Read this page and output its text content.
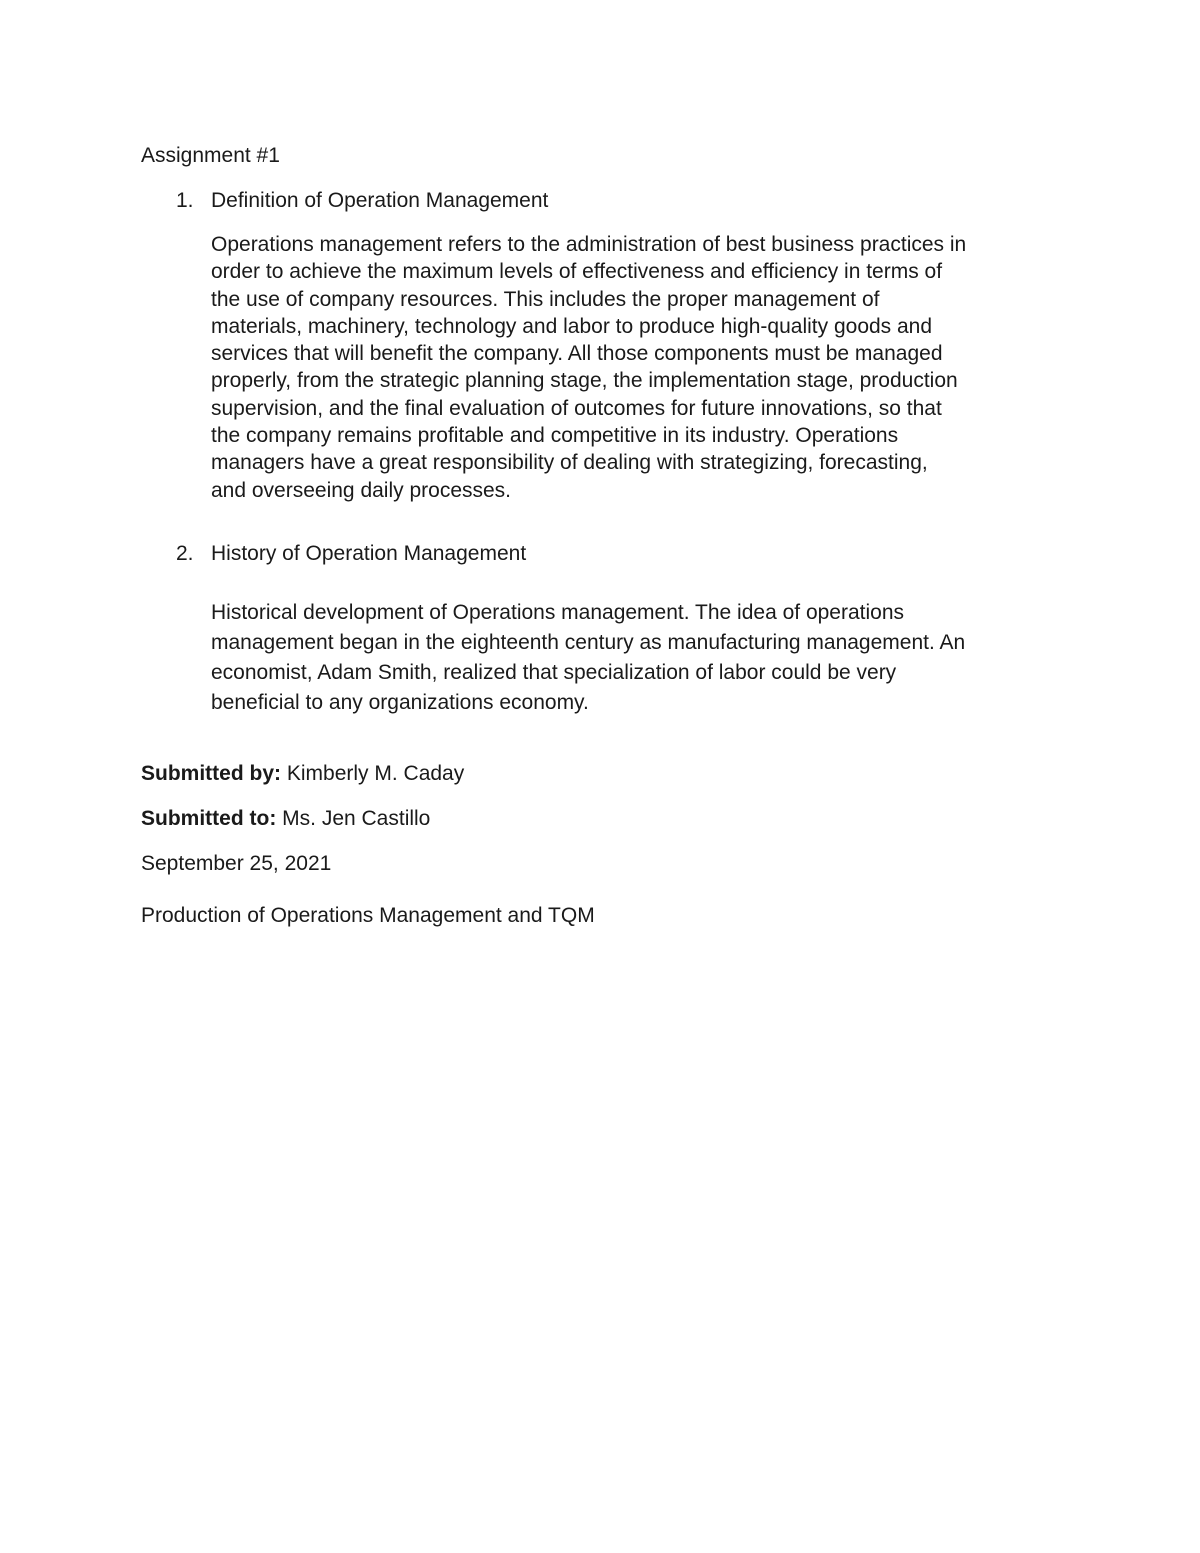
Assignment #1
1. Definition of Operation Management

Operations management refers to the administration of best business practices in
order to achieve the maximum levels of effectiveness and efficiency in terms of
the use of company resources. This includes the proper management of
materials, machinery, technology and labor to produce high-quality goods and
services that will benefit the company. All those components must be managed
properly, from the strategic planning stage, the implementation stage, production
supervision, and the final evaluation of outcomes for future innovations, so that
the company remains profitable and competitive in its industry. Operations
managers have a great responsibility of dealing with strategizing, forecasting,
and overseeing daily processes.

2. History of Operation Management

Historical development of Operations management. The idea of operations
management began in the eighteenth century as manufacturing management. An
economist, Adam Smith, realized that specialization of labor could be very
beneficial to any organizations economy.

Submitted by: Kimberly M. Caday

Submitted to: Ms. Jen Castillo

September 25, 2021

Production of Operations Management and TQM
